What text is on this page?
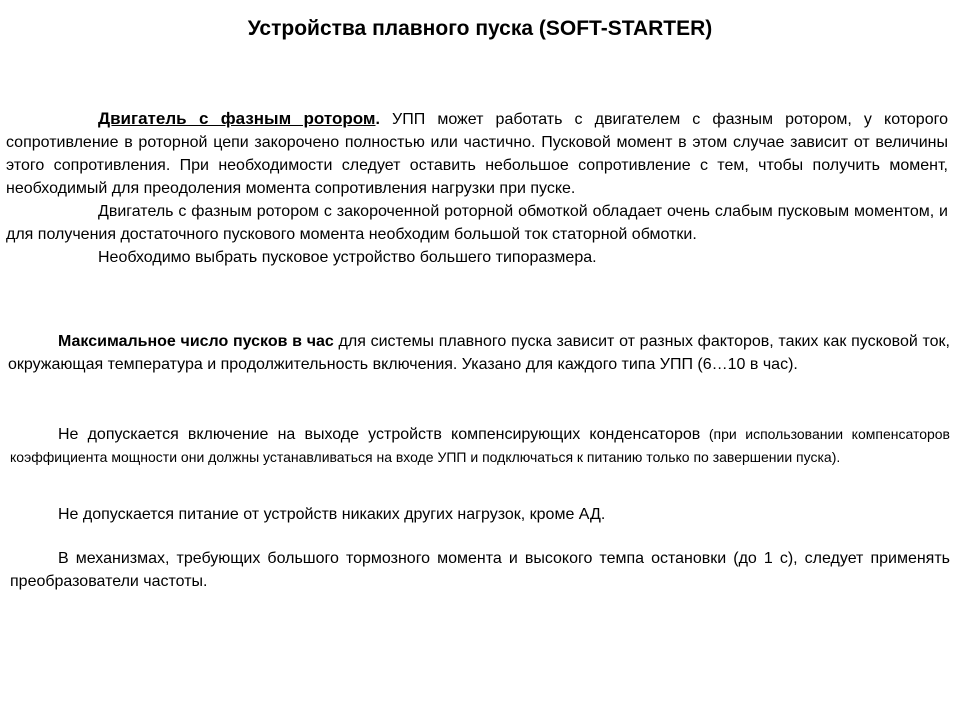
Устройства плавного пуска (SOFT-STARTER)

Двигатель с фазным ротором. УПП может работать с двигателем с фазным ротором, у которого сопротивление в роторной цепи закорочено полностью или частично. Пусковой момент в этом случае зависит от величины этого сопротивления. При необходимости следует оставить небольшое сопротивление с тем, чтобы получить момент, необходимый для преодоления момента сопротивления нагрузки при пуске.

Двигатель с фазным ротором с закороченной роторной обмоткой обладает очень слабым пусковым моментом, и для получения достаточного пускового момента необходим большой ток статорной обмотки.

Необходимо выбрать пусковое устройство большего типоразмера.

Максимальное число пусков в час для системы плавного пуска зависит от разных факторов, таких как пусковой ток, окружающая температура и продолжительность включения. Указано для каждого типа УПП (6…10 в час).

Не допускается включение на выходе устройств компенсирующих конденсаторов (при использовании компенсаторов коэффициента мощности они должны устанавливаться на входе УПП и подключаться к питанию только по завершении пуска).

Не допускается питание от устройств никаких других нагрузок, кроме АД.

В механизмах, требующих большого тормозного момента и высокого темпа остановки (до 1 с), следует применять преобразователи частоты.
